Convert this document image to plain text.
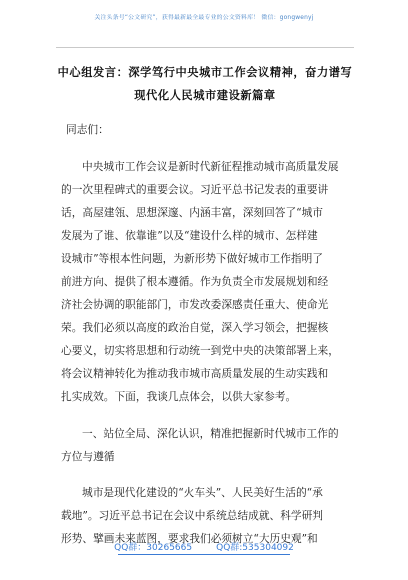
关注头条号“公文研究”，获得最新最全最专业的公文资料库！ 微信：gongwenyj
中心组发言：深学笃行中央城市工作会议精神，奋力谱写
现代化人民城市建设新篇章
同志们：
中央城市工作会议是新时代新征程推动城市高质量发展
的一次里程碑式的重要会议。习近平总书记发表的重要讲
话，高屋建瓴、思想深邃、内涵丰富，深刻回答了“城市
发展为了谁、依靠谁”以及“建设什么样的城市、怎样建
设城市”等根本性问题，为新形势下做好城市工作指明了
前进方向、提供了根本遵循。作为负责全市发展规划和经
济社会协调的职能部门，市发改委深感责任重大、使命光
荣。我们必须以高度的政治自觉，深入学习领会，把握核
心要义，切实将思想和行动统一到党中央的决策部署上来，
将会议精神转化为推动我市城市高质量发展的生动实践和
扎实成效。下面，我谈几点体会，以供大家参考。
一、站位全局、深化认识，精准把握新时代城市工作的
方位与遵循
城市是现代化建设的“火车头”、人民美好生活的“承
载地”。习近平总书记在会议中系统总结成就、科学研判
形势、擘画未来蓝图，要求我们必须树立“大历史观”和
QQ群：30265665	QQ群:535304092
